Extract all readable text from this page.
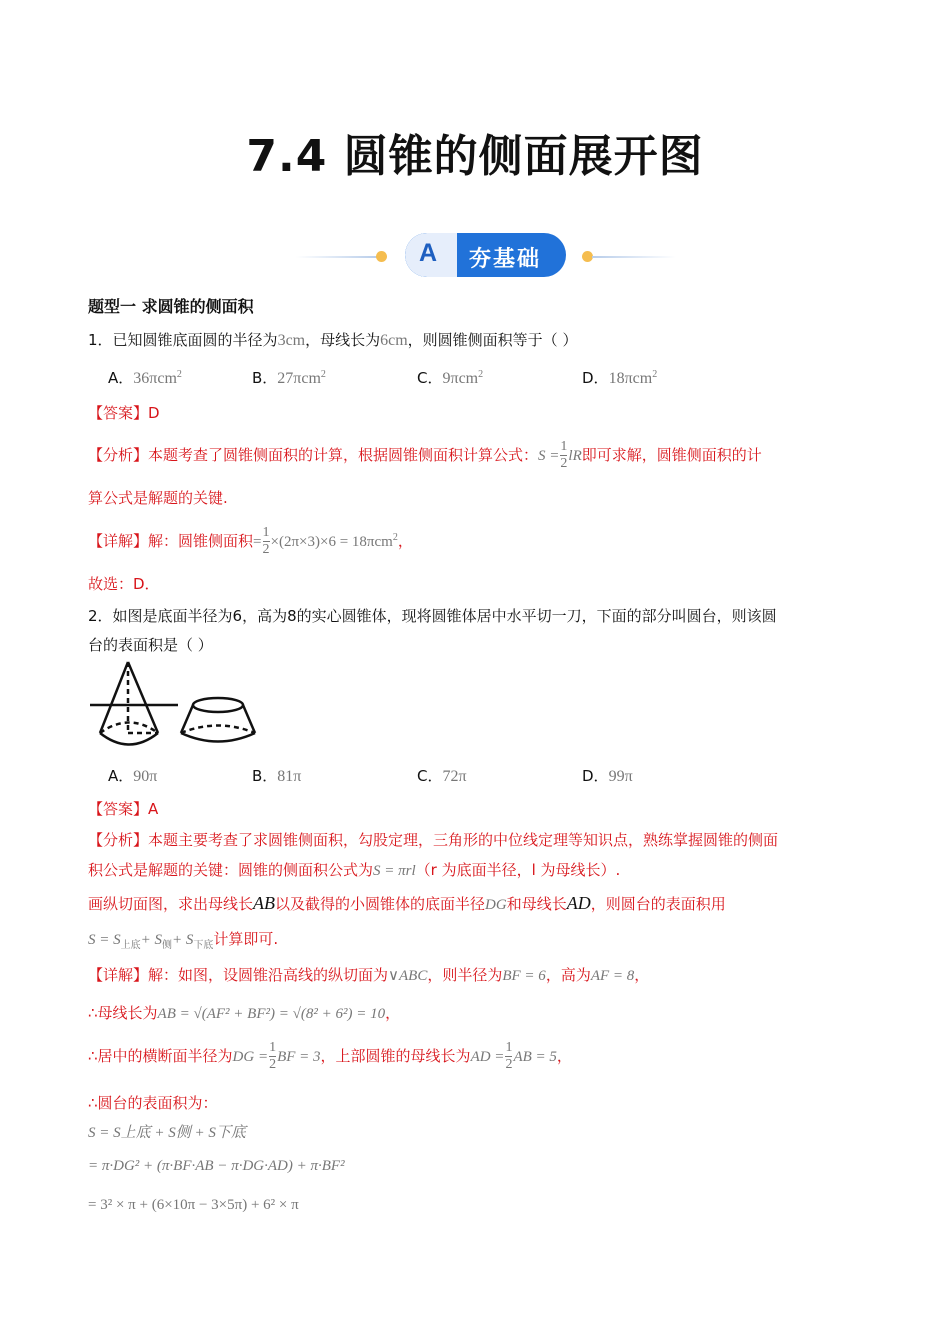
7.4 圆锥的侧面展开图
A 夯基础
题型一 求圆锥的侧面积
1．已知圆锥底面圆的半径为3cm，母线长为6cm，则圆锥侧面积等于（ ）
A．36πcm$^2$	B．27πcm$^2$	C．9πcm$^2$	D．18πcm$^2$
【答案】D
【分析】本题考查了圆锥侧面积的计算，根据圆锥侧面积计算公式：$S = \frac{1}{2}$ lR即可求解，圆锥侧面积的计
算公式是解题的关键.
【详解】解：圆锥侧面积= $\frac{1}{2} \times(2\pi\times 3)\times 6 = 18\pi cm^2$，
故选：D．
2．如图是底面半径为6，高为8的实心圆锥体，现将圆锥体居中水平切一刀，下面的部分叫圆台，则该圆
台的表面积是（ ）
A．90π	B．81π	C．72π	D．99π
【答案】A
【分析】本题主要考查了求圆锥侧面积，勾股定理，三角形的中位线定理等知识点，熟练掌握圆锥的侧面
积公式是解题的关键：圆锥的侧面积公式为S = πrl（r 为底面半径，l 为母线长）.
画纵切面图，求出母线长AB以及截得的小圆锥体的底面半径DG和母线长AD，则圆台的表面积用
$S = S_{上底}+ S_侧+ S_{下底}$计算即可.
【详解】解：如图，设圆锥沿高线的纵切面为∨ABC，则半径为BF = 6，高为AF = 8，
∴母线长为AB = √(AF² + BF²) = √(8² + 6²) = 10，
∴居中的横断面半径为DG = $\frac{1}{2}$ BF = 3，上部圆锥的母线长为AD = $\frac{1}{2}$ AB = 5，
∴圆台的表面积为：
S = S上底 + S侧 + S下底
= π·DG² + (π·BF·AB − π·DG·AD) + π·BF²
= 3² × π + (6×10π − 3×5π) + 6² × π
